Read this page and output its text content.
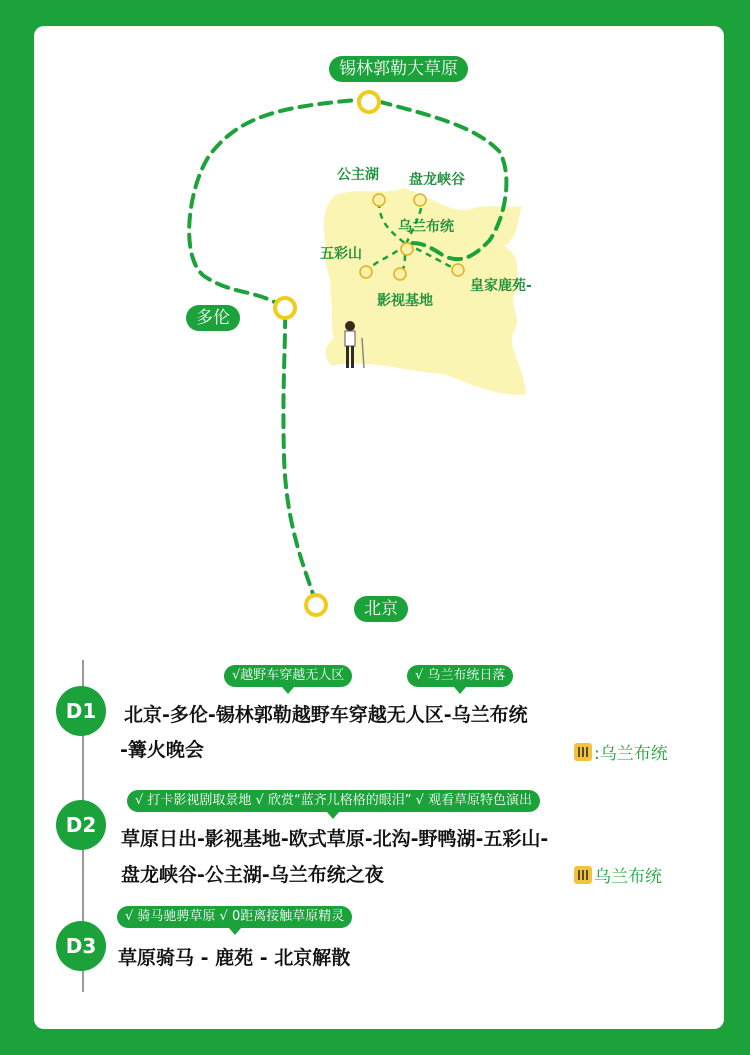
锡林郭勒大草原
多伦
北京
公主湖 盘龙峡谷
乌兰布统
五彩山
影视基地
皇家鹿苑-
D1
√越野车穿越无人区	√ 乌兰布统日落
北京-多伦-锡林郭勒越野车穿越无人区-乌兰布统
-篝火晚会	:乌兰布统
D2
√ 打卡影视剧取景地 √ 欣赏“蓝齐儿格格的眼泪” √ 观看草原特色演出
草原日出-影视基地-欧式草原-北沟-野鸭湖-五彩山-
盘龙峡谷-公主湖-乌兰布统之夜	乌兰布统
D3
√ 骑马驰骋草原 √ 0距离接触草原精灵
草原骑马 - 鹿苑 - 北京解散
